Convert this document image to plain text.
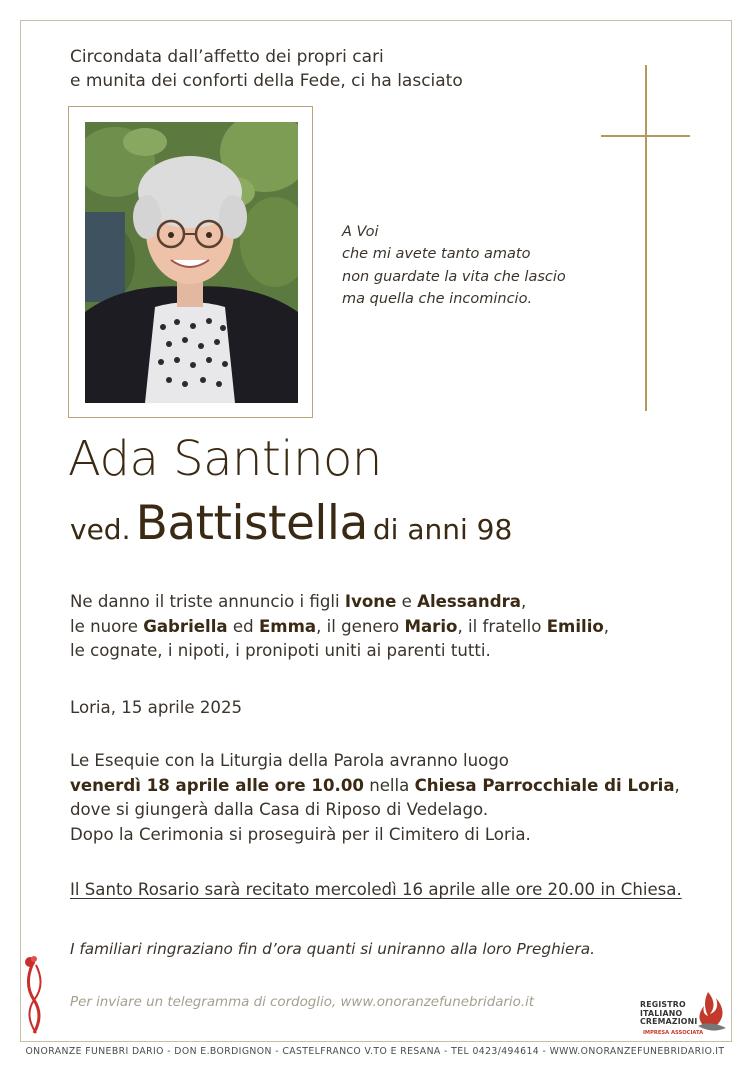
Circondata dall’affetto dei propri cari
e munita dei conforti della Fede, ci ha lasciato
A Voi
che mi avete tanto amato
non guardate la vita che lascio
ma quella che incomincio.
Ada Santinon
ved. Battistella di anni 98
Ne danno il triste annuncio i figli Ivone e Alessandra,
le nuore Gabriella ed Emma, il genero Mario, il fratello Emilio,
le cognate, i nipoti, i pronipoti uniti ai parenti tutti.
Loria, 15 aprile 2025
Le Esequie con la Liturgia della Parola avranno luogo
venerdì 18 aprile alle ore 10.00 nella Chiesa Parrocchiale di Loria,
dove si giungerà dalla Casa di Riposo di Vedelago.
Dopo la Cerimonia si proseguirà per il Cimitero di Loria.
Il Santo Rosario sarà recitato mercoledì 16 aprile alle ore 20.00 in Chiesa.
I familiari ringraziano fin d’ora quanti si uniranno alla loro Preghiera.
Per inviare un telegramma di cordoglio, www.onoranzefunebridario.it	REGISTRO
ITALIANO
CREMAZIONI
IMPRESA ASSOCIATA
ONORANZE FUNEBRI DARIO - DON E.BORDIGNON - CASTELFRANCO V.TO E RESANA - TEL 0423/494614 - WWW.ONORANZEFUNEBRIDARIO.IT
